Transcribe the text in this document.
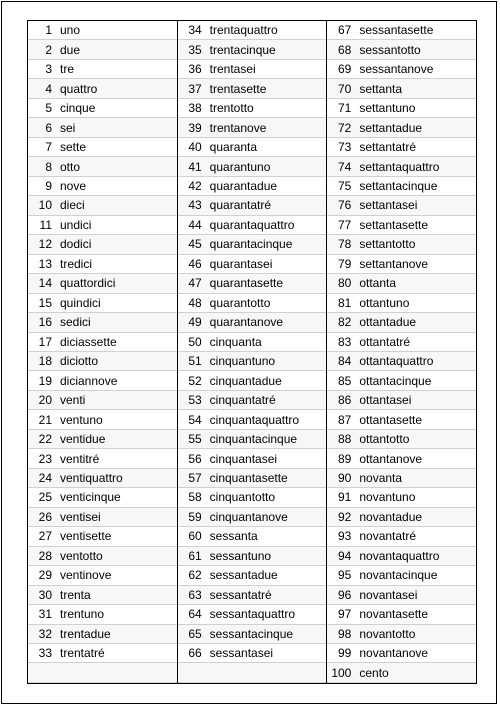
1 uno
2 due
3 tre
4 quattro
5 cinque
6 sei
7 sette
8 otto
9 nove
10 dieci
11 undici
12 dodici
13 tredici
14 quattordici
15 quindici
16 sedici
17 diciassette
18 diciotto
19 diciannove
20 venti
21 ventuno
22 ventidue
23 ventitré
24 ventiquattro
25 venticinque
26 ventisei
27 ventisette
28 ventotto
29 ventinove
30 trenta
31 trentuno
32 trentadue
33 trentatré
34 trentaquattro
35 trentacinque
36 trentasei
37 trentasette
38 trentotto
39 trentanove
40 quaranta
41 quarantuno
42 quarantadue
43 quarantatré
44 quarantaquattro
45 quarantacinque
46 quarantasei
47 quarantasette
48 quarantotto
49 quarantanove
50 cinquanta
51 cinquantuno
52 cinquantadue
53 cinquantatré
54 cinquantaquattro
55 cinquantacinque
56 cinquantasei
57 cinquantasette
58 cinquantotto
59 cinquantanove
60 sessanta
61 sessantuno
62 sessantadue
63 sessantatré
64 sessantaquattro
65 sessantacinque
66 sessantasei
67 sessantasette
68 sessantotto
69 sessantanove
70 settanta
71 settantuno
72 settantadue
73 settantatré
74 settantaquattro
75 settantacinque
76 settantasei
77 settantasette
78 settantotto
79 settantanove
80 ottanta
81 ottantuno
82 ottantadue
83 ottantatré
84 ottantaquattro
85 ottantacinque
86 ottantasei
87 ottantasette
88 ottantotto
89 ottantanove
90 novanta
91 novantuno
92 novantadue
93 novantatré
94 novantaquattro
95 novantacinque
96 novantasei
97 novantasette
98 novantotto
99 novantanove
100 cento
